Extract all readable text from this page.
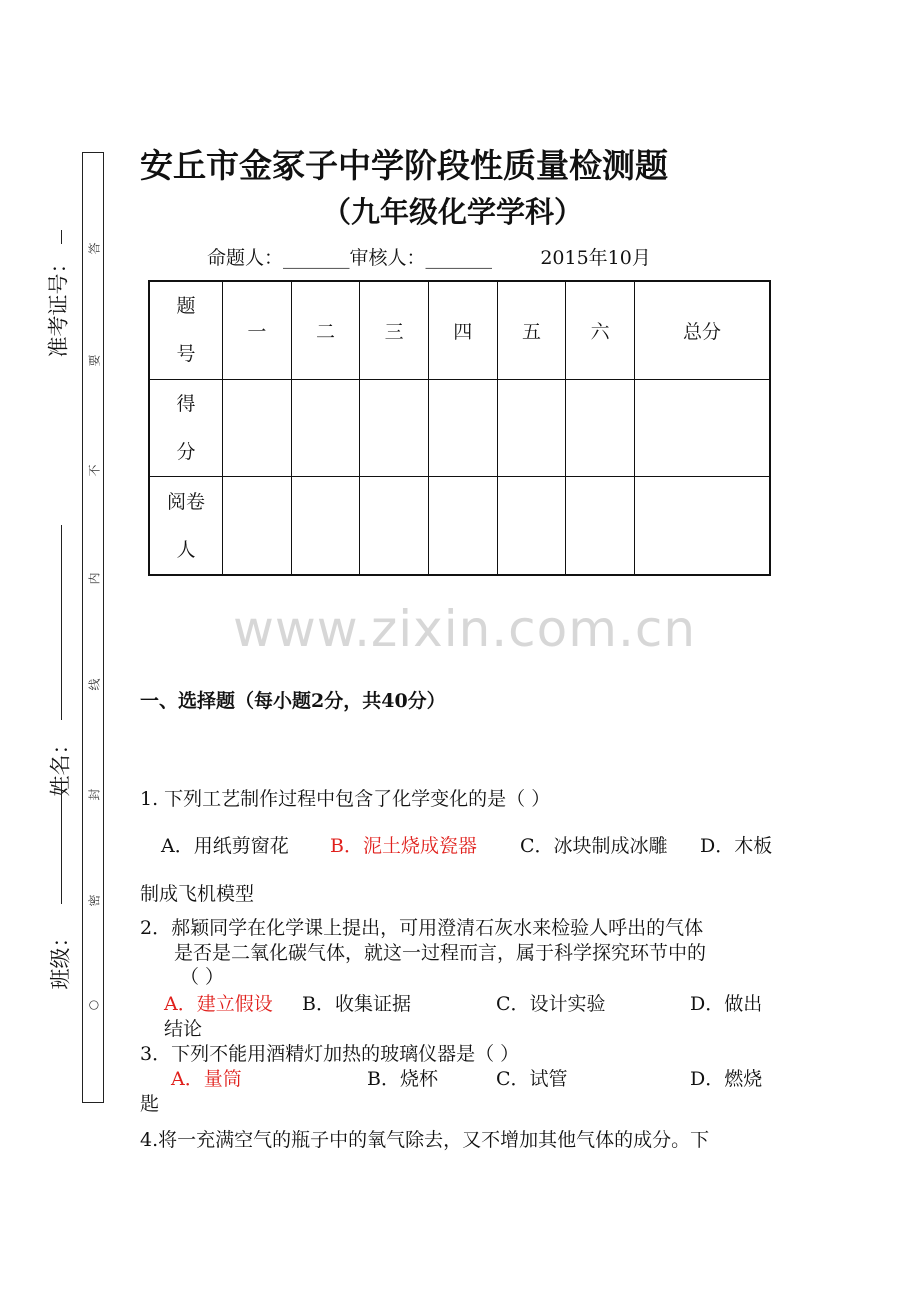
答
要
不
内
线
封
密
○
准考证号：
姓名：
班级：
安丘市金冢子中学阶段性质量检测题
（九年级化学学科）
命题人：_______审核人：_______        2015年10月
题
号	一	二	三	四	五	六	总分

得
分							

阅卷
人							

www.zixin.com.cn
一、选择题（每小题2分，共40分）
1. 下列工艺制作过程中包含了化学变化的是（ ）
A．用纸剪窗花 B．泥土烧成瓷器 C．冰块制成冰雕 D．木板
制成飞机模型
2．郝颖同学在化学课上提出，可用澄清石灰水来检验人呼出的气体
是否是二氧化碳气体，就这一过程而言，属于科学探究环节中的
（ ）
A．建立假设 B．收集证据	C．设计实验	D．做出
结论
3．下列不能用酒精灯加热的玻璃仪器是（ ）
A．量筒	B．烧杯	C．试管	D．燃烧
匙
4.将一充满空气的瓶子中的氧气除去，又不增加其他气体的成分。下
